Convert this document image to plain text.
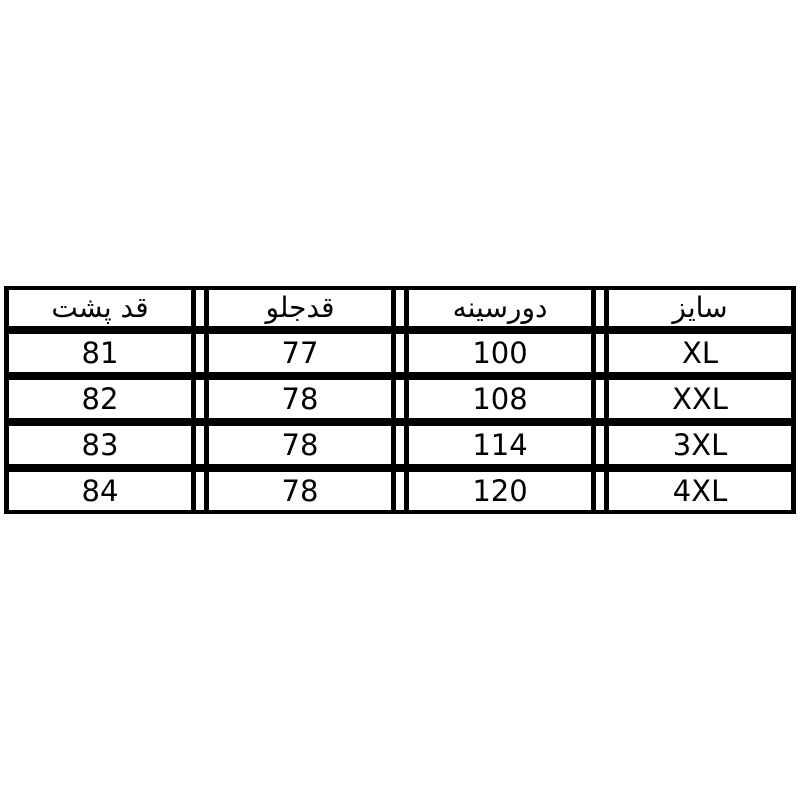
سایز
دورسینه
قدجلو
قد پشت
XL
100
77
81
XXL
108
78
82
3XL
114
78
83
4XL
120
78
84
